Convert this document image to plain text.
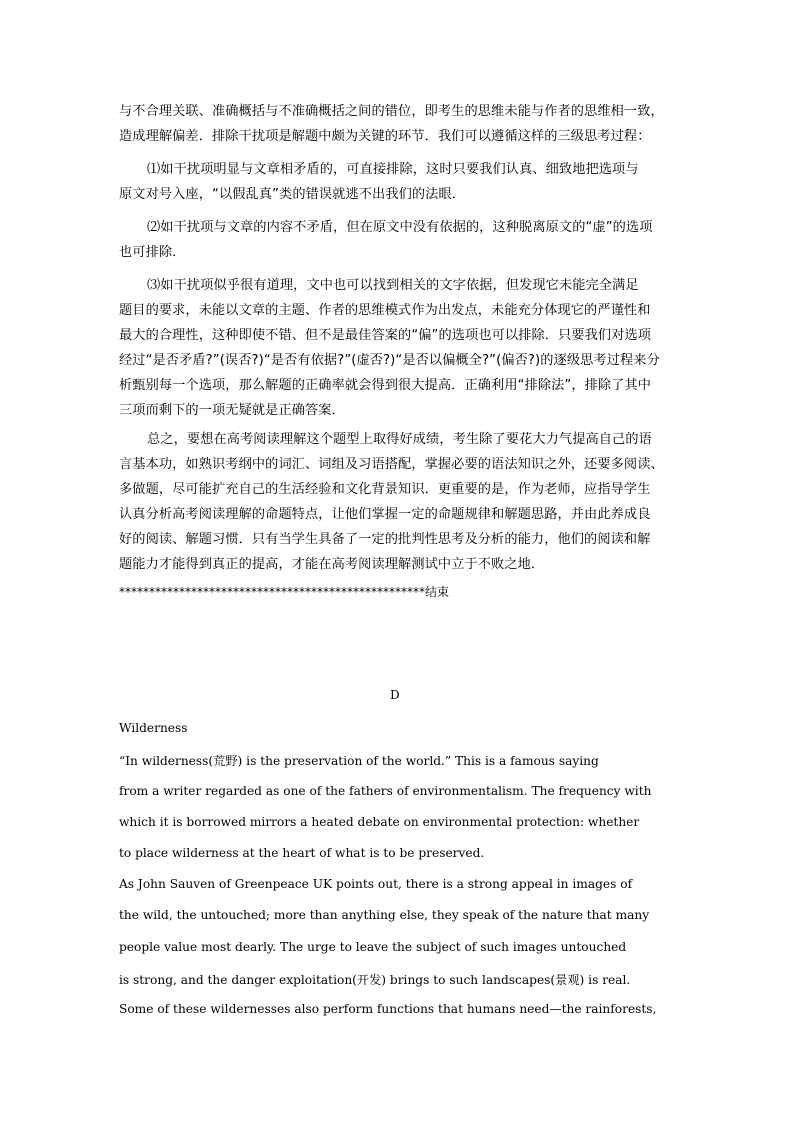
与不合理关联、准确概括与不准确概括之间的错位，即考生的思维未能与作者的思维相一致，
造成理解偏差．排除干扰项是解题中颇为关键的环节．我们可以遵循这样的三级思考过程：
⑴如干扰项明显与文章相矛盾的，可直接排除，这时只要我们认真、细致地把选项与
原文对号入座，“以假乱真”类的错误就逃不出我们的法眼．
⑵如干扰项与文章的内容不矛盾，但在原文中没有依据的，这种脱离原文的“虚”的选项
也可排除．
⑶如干扰项似乎很有道理，文中也可以找到相关的文字依据，但发现它未能完全满足
题目的要求，未能以文章的主题、作者的思维模式作为出发点，未能充分体现它的严谨性和
最大的合理性，这种即使不错、但不是最佳答案的“偏”的选项也可以排除．只要我们对选项
经过“是否矛盾?”(误否?)“是否有依据?”(虚否?)“是否以偏概全?”(偏否?)的逐级思考过程来分
析甄别每一个选项，那么解题的正确率就会得到很大提高．正确利用“排除法”，排除了其中
三项而剩下的一项无疑就是正确答案．
总之，要想在高考阅读理解这个题型上取得好成绩，考生除了要花大力气提高自己的语
言基本功，如熟识考纲中的词汇、词组及习语搭配，掌握必要的语法知识之外，还要多阅读、
多做题，尽可能扩充自己的生活经验和文化背景知识．更重要的是，作为老师，应指导学生
认真分析高考阅读理解的命题特点，让他们掌握一定的命题规律和解题思路，并由此养成良
好的阅读、解题习惯．只有当学生具备了一定的批判性思考及分析的能力，他们的阅读和解
题能力才能得到真正的提高，才能在高考阅读理解测试中立于不败之地．
***************************************************结束
D
Wilderness
“In wilderness(荒野) is the preservation of the world.” This is a famous saying
from a writer regarded as one of the fathers of environmentalism. The frequency with
which it is borrowed mirrors a heated debate on environmental protection: whether
to place wilderness at the heart of what is to be preserved.
As John Sauven of Greenpeace UK points out, there is a strong appeal in images of
the wild, the untouched; more than anything else, they speak of the nature that many
people value most dearly. The urge to leave the subject of such images untouched
is strong, and the danger exploitation(开发) brings to such landscapes(景观) is real.
Some of these wildernesses also perform functions that humans need—the rainforests,
